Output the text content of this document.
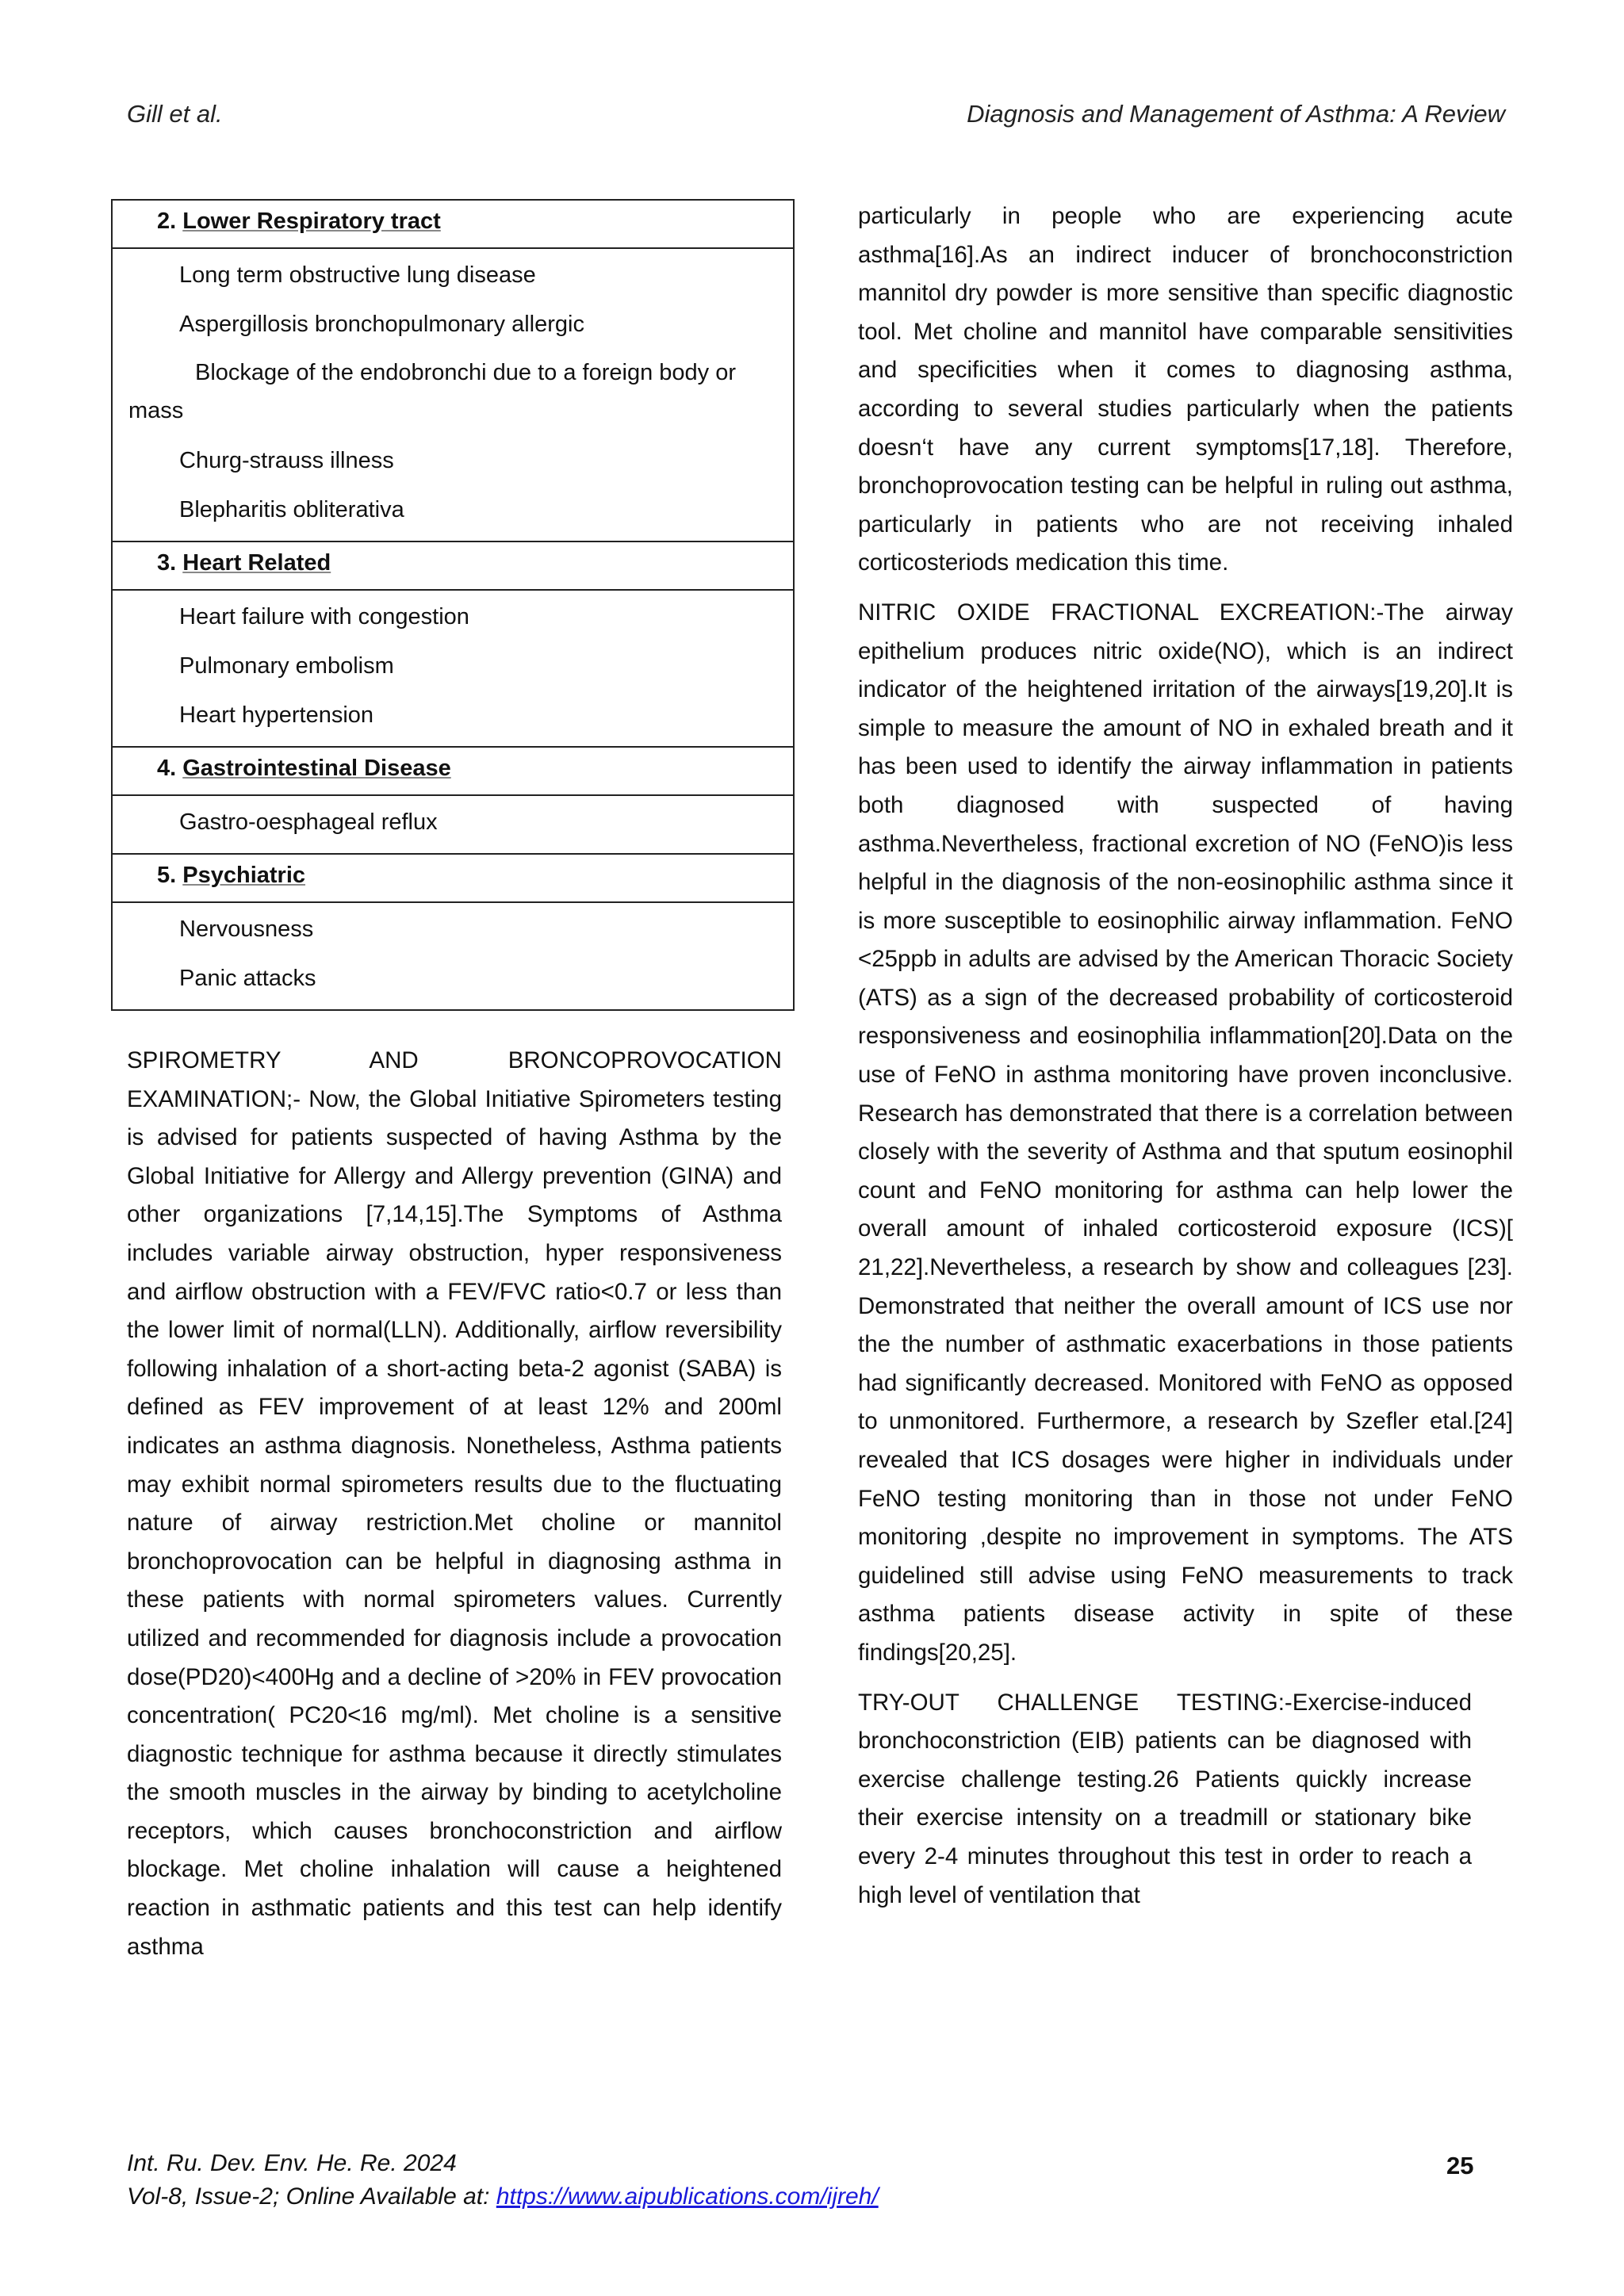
Gill et al.	Diagnosis and Management of Asthma: A Review
2. Lower Respiratory tract
Long term obstructive lung disease
Aspergillosis bronchopulmonary allergic
Blockage of the endobronchi due to a foreign body or mass
Churg-strauss illness
Blepharitis obliterativa
3. Heart Related
Heart failure with congestion
Pulmonary embolism
Heart hypertension
4. Gastrointestinal Disease
Gastro-oesphageal reflux
5. Psychiatric
Nervousness
Panic attacks

SPIROMETRY AND BRONCOPROVOCATION EXAMINATION;- Now, the Global Initiative Spirometers testing is advised for patients suspected of having Asthma by the Global Initiative for Allergy and Allergy prevention (GINA) and other organizations [7,14,15].The Symptoms of Asthma includes variable airway obstruction, hyper responsiveness and airflow obstruction with a FEV/FVC ratio<0.7 or less than the lower limit of normal(LLN). Additionally, airflow reversibility following inhalation of a short-acting beta-2 agonist (SABA) is defined as FEV improvement of at least 12% and 200ml indicates an asthma diagnosis. Nonetheless, Asthma patients may exhibit normal spirometers results due to the fluctuating nature of airway restriction.Met choline or mannitol bronchoprovocation can be helpful in diagnosing asthma in these patients with normal spirometers values. Currently utilized and recommended for diagnosis include a provocation dose(PD20)<400Hg and a decline of >20% in FEV provocation concentration( PC20<16 mg/ml). Met choline is a sensitive diagnostic technique for asthma because it directly stimulates the smooth muscles in the airway by binding to acetylcholine receptors, which causes bronchoconstriction and airflow blockage. Met choline inhalation will cause a heightened reaction in asthmatic patients and this test can help identify asthma

particularly in people who are experiencing acute asthma[16].As an indirect inducer of bronchoconstriction mannitol dry powder is more sensitive than specific diagnostic tool. Met choline and mannitol have comparable sensitivities and specificities when it comes to diagnosing asthma, according to several studies particularly when the patients doesn‘t have any current symptoms[17,18]. Therefore, bronchoprovocation testing can be helpful in ruling out asthma, particularly in patients who are not receiving inhaled corticosteriods medication this time.

NITRIC OXIDE FRACTIONAL EXCREATION:-The airway epithelium produces nitric oxide(NO), which is an indirect indicator of the heightened irritation of the airways[19,20].It is simple to measure the amount of NO in exhaled breath and it has been used to identify the airway inflammation in patients both diagnosed with suspected of having asthma.Nevertheless, fractional excretion of NO (FeNO)is less helpful in the diagnosis of the non-eosinophilic asthma since it is more susceptible to eosinophilic airway inflammation. FeNO <25ppb in adults are advised by the American Thoracic Society (ATS) as a sign of the decreased probability of corticosteroid responsiveness and eosinophilia inflammation[20].Data on the use of FeNO in asthma monitoring have proven inconclusive. Research has demonstrated that there is a correlation between closely with the severity of Asthma and that sputum eosinophil count and FeNO monitoring for asthma can help lower the overall amount of inhaled corticosteroid exposure (ICS)[ 21,22].Nevertheless, a research by show and colleagues [23]. Demonstrated that neither the overall amount of ICS use nor the the number of asthmatic exacerbations in those patients had significantly decreased. Monitored with FeNO as opposed to unmonitored. Furthermore, a research by Szefler etal.[24] revealed that ICS dosages were higher in individuals under FeNO testing monitoring than in those not under FeNO monitoring ,despite no improvement in symptoms. The ATS guidelined still advise using FeNO measurements to track asthma patients disease activity in spite of these findings[20,25].

TRY-OUT CHALLENGE TESTING:-Exercise-induced bronchoconstriction (EIB) patients can be diagnosed with exercise challenge testing.26 Patients quickly increase their exercise intensity on a treadmill or stationary bike every 2-4 minutes throughout this test in order to reach a high level of ventilation that

Int. Ru. Dev. Env. He. Re. 2024
Vol-8, Issue-2; Online Available at: https://www.aipublications.com/ijreh/
25
